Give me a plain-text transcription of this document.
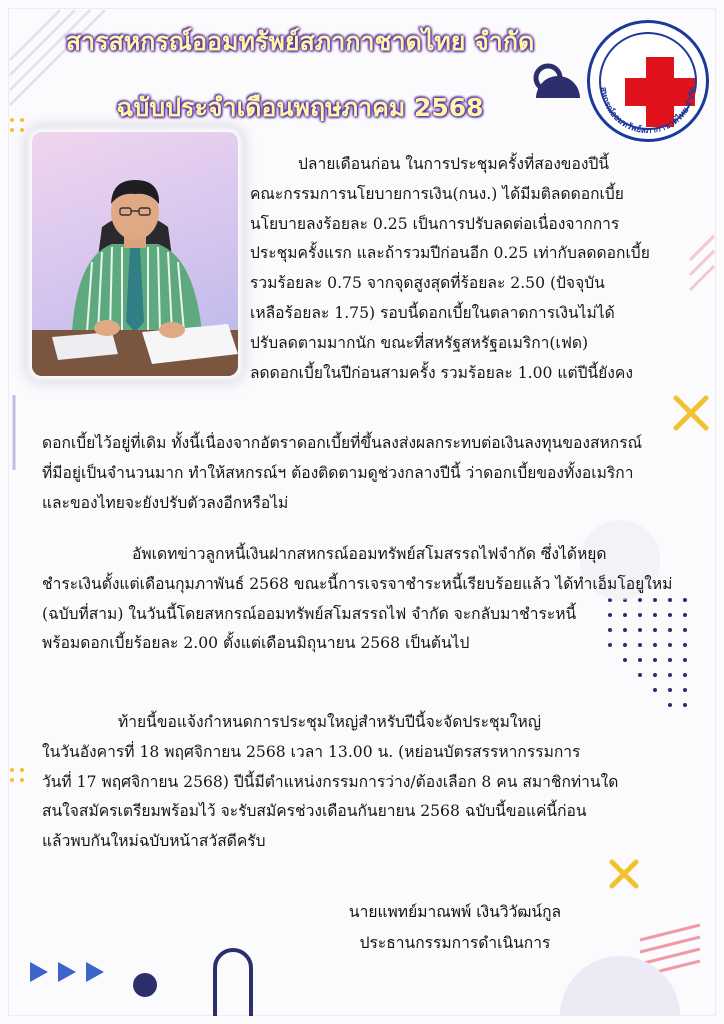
สารสหกรณ์ออมทรัพย์สภากาชาดไทย จำกัด
ฉบับประจำเดือนพฤษภาคม 2568
สหกรณ์ออมทรัพย์สภากาชาดไทย จำกัด
ปลายเดือนก่อน ในการประชุมครั้งที่สองของปีนี้
คณะกรรมการนโยบายการเงิน(กนง.) ได้มีมติลดดอกเบี้ย
นโยบายลงร้อยละ 0.25 เป็นการปรับลดต่อเนื่องจากการ
ประชุมครั้งแรก และถ้ารวมปีก่อนอีก 0.25 เท่ากับลดดอกเบี้ย
รวมร้อยละ 0.75 จากจุดสูงสุดที่ร้อยละ 2.50 (ปัจจุบัน
เหลือร้อยละ 1.75) รอบนี้ดอกเบี้ยในตลาดการเงินไม่ได้
ปรับลดตามมากนัก ขณะที่สหรัฐสหรัฐอเมริกา(เฟด)
ลดดอกเบี้ยในปีก่อนสามครั้ง รวมร้อยละ 1.00 แต่ปีนี้ยังคง
ดอกเบี้ยไว้อยู่ที่เดิม ทั้งนี้เนื่องจากอัตราดอกเบี้ยที่ขึ้นลงส่งผลกระทบต่อเงินลงทุนของสหกรณ์
ที่มีอยู่เป็นจำนวนมาก ทำให้สหกรณ์ฯ ต้องติดตามดูช่วงกลางปีนี้ ว่าดอกเบี้ยของทั้งอเมริกา
และของไทยจะยังปรับตัวลงอีกหรือไม่
อัพเดทข่าวลูกหนี้เงินฝากสหกรณ์ออมทรัพย์สโมสรรถไฟจำกัด ซึ่งได้หยุด
ชำระเงินตั้งแต่เดือนกุมภาพันธ์ 2568 ขณะนี้การเจรจาชำระหนี้เรียบร้อยแล้ว ได้ทำเอ็มโอยูใหม่
(ฉบับที่สาม) ในวันนี้โดยสหกรณ์ออมทรัพย์สโมสรรถไฟ จำกัด จะกลับมาชำระหนี้
พร้อมดอกเบี้ยร้อยละ 2.00 ตั้งแต่เดือนมิถุนายน 2568 เป็นต้นไป
ท้ายนี้ขอแจ้งกำหนดการประชุมใหญ่สำหรับปีนี้จะจัดประชุมใหญ่
ในวันอังคารที่ 18 พฤศจิกายน 2568 เวลา 13.00 น. (หย่อนบัตรสรรหากรรมการ
วันที่ 17 พฤศจิกายน 2568) ปีนี้มีตำแหน่งกรรมการว่าง/ต้องเลือก 8 คน สมาชิกท่านใด
สนใจสมัครเตรียมพร้อมไว้ จะรับสมัครช่วงเดือนกันยายน 2568 ฉบับนี้ขอแค่นี้ก่อน
แล้วพบกันใหม่ฉบับหน้าสวัสดีครับ
นายแพทย์มาณพพ์ เงินวิวัฒน์กูล
ประธานกรรมการดำเนินการ
